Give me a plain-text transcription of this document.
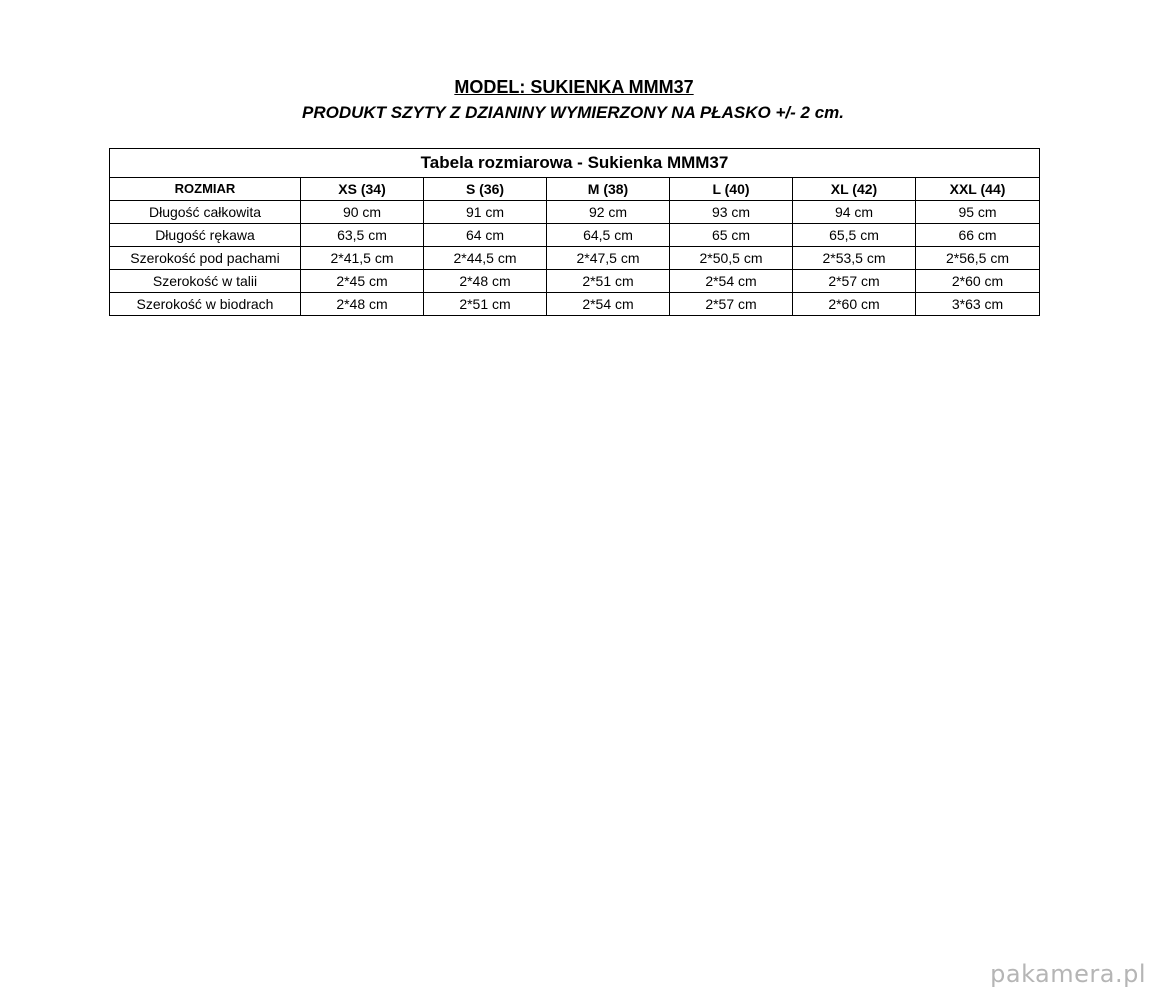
MODEL: SUKIENKA MMM37
PRODUKT SZYTY Z DZIANINY WYMIERZONY NA PŁASKO +/- 2 cm.
Tabela rozmiarowa - Sukienka MMM37						
ROZMIAR	XS (34)	S (36)	M (38)	L (40)	XL (42)	XXL (44)
Długość całkowita	90 cm	91 cm	92 cm	93 cm	94 cm	95 cm
Długość rękawa	63,5 cm	64 cm	64,5 cm	65 cm	65,5 cm	66 cm
Szerokość pod pachami	2*41,5 cm	2*44,5 cm	2*47,5 cm	2*50,5 cm	2*53,5 cm	2*56,5 cm
Szerokość w talii	2*45 cm	2*48 cm	2*51 cm	2*54 cm	2*57 cm	2*60 cm
Szerokość w biodrach	2*48 cm	2*51 cm	2*54 cm	2*57 cm	2*60 cm	3*63 cm
pakamera.pl
